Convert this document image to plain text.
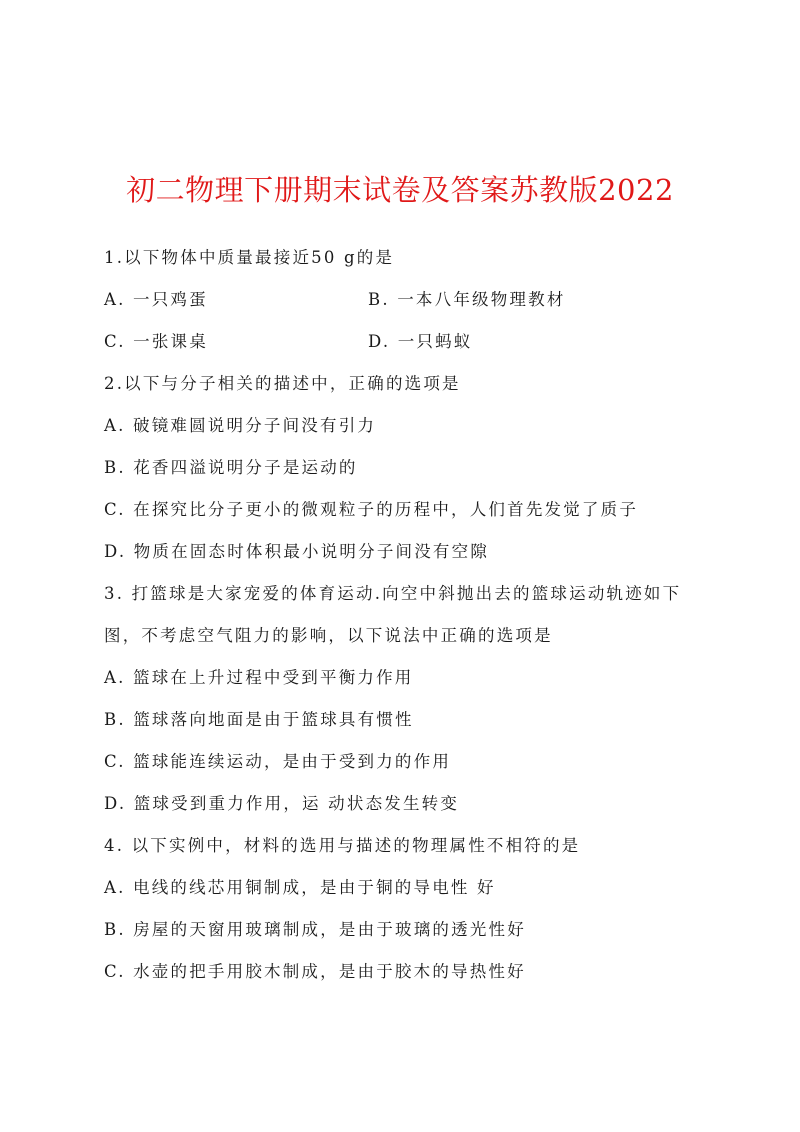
初二物理下册期末试卷及答案苏教版2022
1.以下物体中质量最接近50 g的是
A. 一只鸡蛋	B. 一本八年级物理教材
C. 一张课桌	D. 一只蚂蚁
2.以下与分子相关的描述中，正确的选项是
A. 破镜难圆说明分子间没有引力
B. 花香四溢说明分子是运动的
C. 在探究比分子更小的微观粒子的历程中，人们首先发觉了质子
D. 物质在固态时体积最小说明分子间没有空隙
3. 打篮球是大家宠爱的体育运动.向空中斜抛出去的篮球运动轨迹如下
图，不考虑空气阻力的影响，以下说法中正确的选项是
A. 篮球在上升过程中受到平衡力作用
B. 篮球落向地面是由于篮球具有惯性
C. 篮球能连续运动，是由于受到力的作用
D. 篮球受到重力作用，运 动状态发生转变
4. 以下实例中，材料的选用与描述的物理属性不相符的是
A. 电线的线芯用铜制成，是由于铜的导电性 好
B. 房屋的天窗用玻璃制成，是由于玻璃的透光性好
C. 水壶的把手用胶木制成，是由于胶木的导热性好
